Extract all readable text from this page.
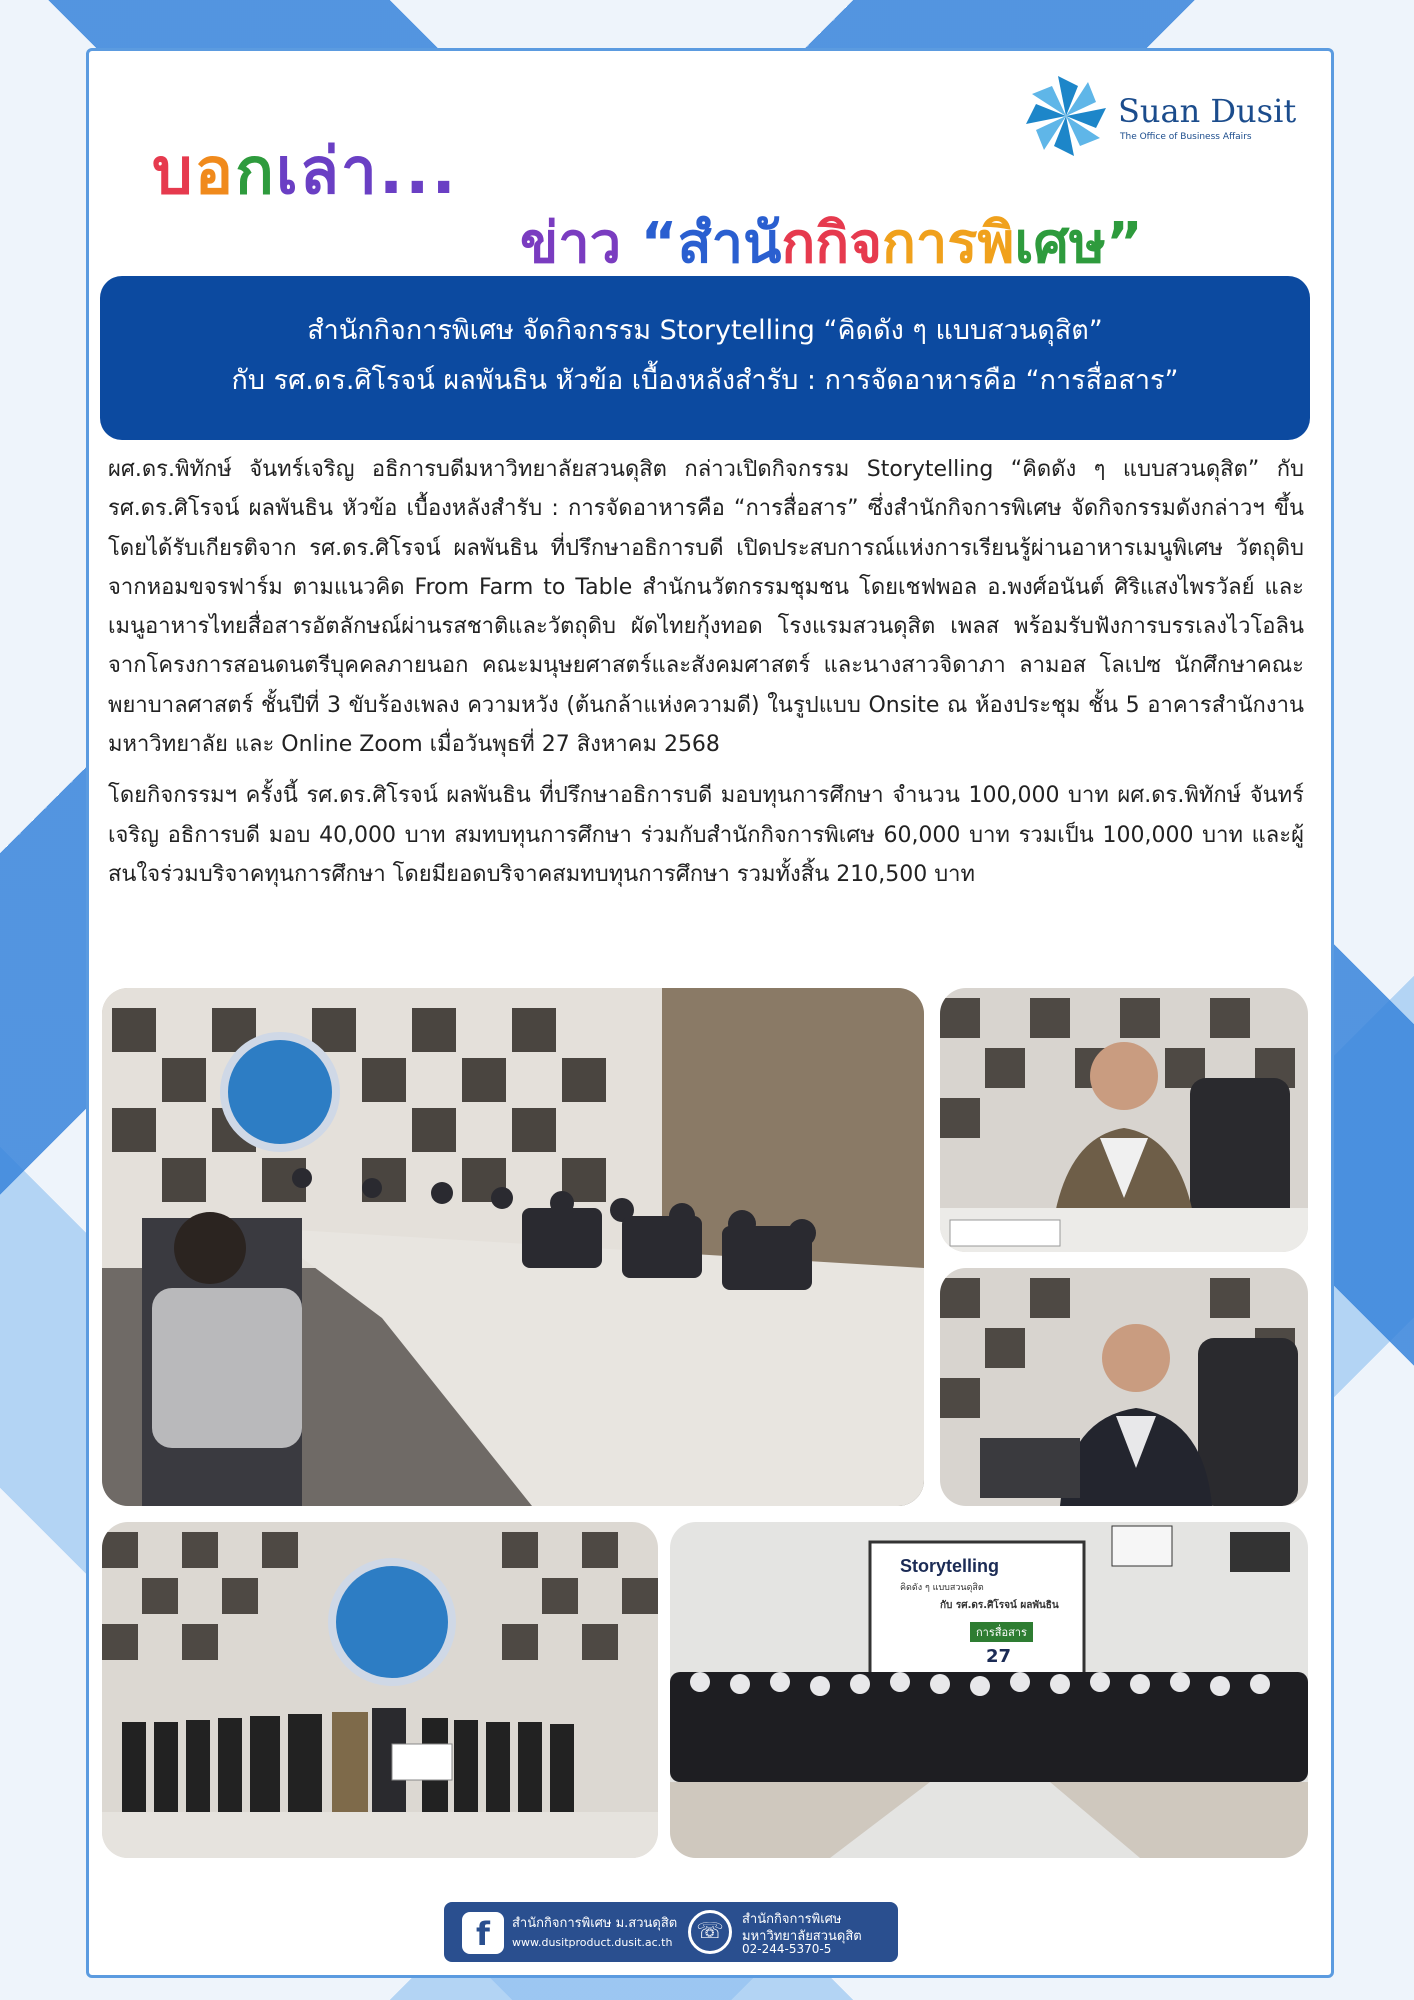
บอกเล่า...
ข่าว “สำนักกิจการพิเศษ”
Suan Dusit
The Office of Business Affairs
สำนักกิจการพิเศษ จัดกิจกรรม Storytelling “คิดดัง ๆ แบบสวนดุสิต”
กับ รศ.ดร.ศิโรจน์ ผลพันธิน หัวข้อ เบื้องหลังสำรับ : การจัดอาหารคือ “การสื่อสาร”

ผศ.ดร.พิทักษ์ จันทร์เจริญ อธิการบดีมหาวิทยาลัยสวนดุสิต กล่าวเปิดกิจกรรม Storytelling “คิดดัง ๆ แบบสวนดุสิต” กับ รศ.ดร.ศิโรจน์ ผลพันธิน หัวข้อ เบื้องหลังสำรับ : การจัดอาหารคือ “การสื่อสาร” ซึ่งสำนักกิจการพิเศษ จัดกิจกรรมดังกล่าวฯ ขึ้น โดยได้รับเกียรติจาก รศ.ดร.ศิโรจน์ ผลพันธิน ที่ปรึกษาอธิการบดี เปิดประสบการณ์แห่งการเรียนรู้ผ่านอาหารเมนูพิเศษ วัตถุดิบจากหอมขจรฟาร์ม ตามแนวคิด From Farm to Table สำนักนวัตกรรมชุมชน โดยเชฟพอล อ.พงศ์อนันต์ ศิริแสงไพรวัลย์ และเมนูอาหารไทยสื่อสารอัตลักษณ์ผ่านรสชาติและวัตถุดิบ ผัดไทยกุ้งทอด โรงแรมสวนดุสิต เพลส พร้อมรับฟังการบรรเลงไวโอลินจากโครงการสอนดนตรีบุคคลภายนอก คณะมนุษยศาสตร์และสังคมศาสตร์ และนางสาวจิดาภา ลามอส โลเปซ นักศึกษาคณะพยาบาลศาสตร์ ชั้นปีที่ 3 ขับร้องเพลง ความหวัง (ต้นกล้าแห่งความดี) ในรูปแบบ Onsite ณ ห้องประชุม ชั้น 5 อาคารสำนักงานมหาวิทยาลัย และ Online Zoom เมื่อวันพุธที่ 27 สิงหาคม 2568

โดยกิจกรรมฯ ครั้งนี้ รศ.ดร.ศิโรจน์ ผลพันธิน ที่ปรึกษาอธิการบดี มอบทุนการศึกษา จำนวน 100,000 บาท ผศ.ดร.พิทักษ์ จันทร์เจริญ อธิการบดี มอบ 40,000 บาท สมทบทุนการศึกษา ร่วมกับสำนักกิจการพิเศษ 60,000 บาท รวมเป็น 100,000 บาท และผู้สนใจร่วมบริจาคทุนการศึกษา โดยมียอดบริจาคสมทบทุนการศึกษา รวมทั้งสิ้น 210,500 บาท

Storytelling
คิดดัง ๆ แบบสวนดุสิต
กับ รศ.ดร.ศิโรจน์ ผลพันธิน
การสื่อสาร
27
f	สำนักกิจการพิเศษ ม.สวนดุสิต
www.dusitproduct.dusit.ac.th	☏	สำนักกิจการพิเศษ
มหาวิทยาลัยสวนดุสิต
02-244-5370-5
